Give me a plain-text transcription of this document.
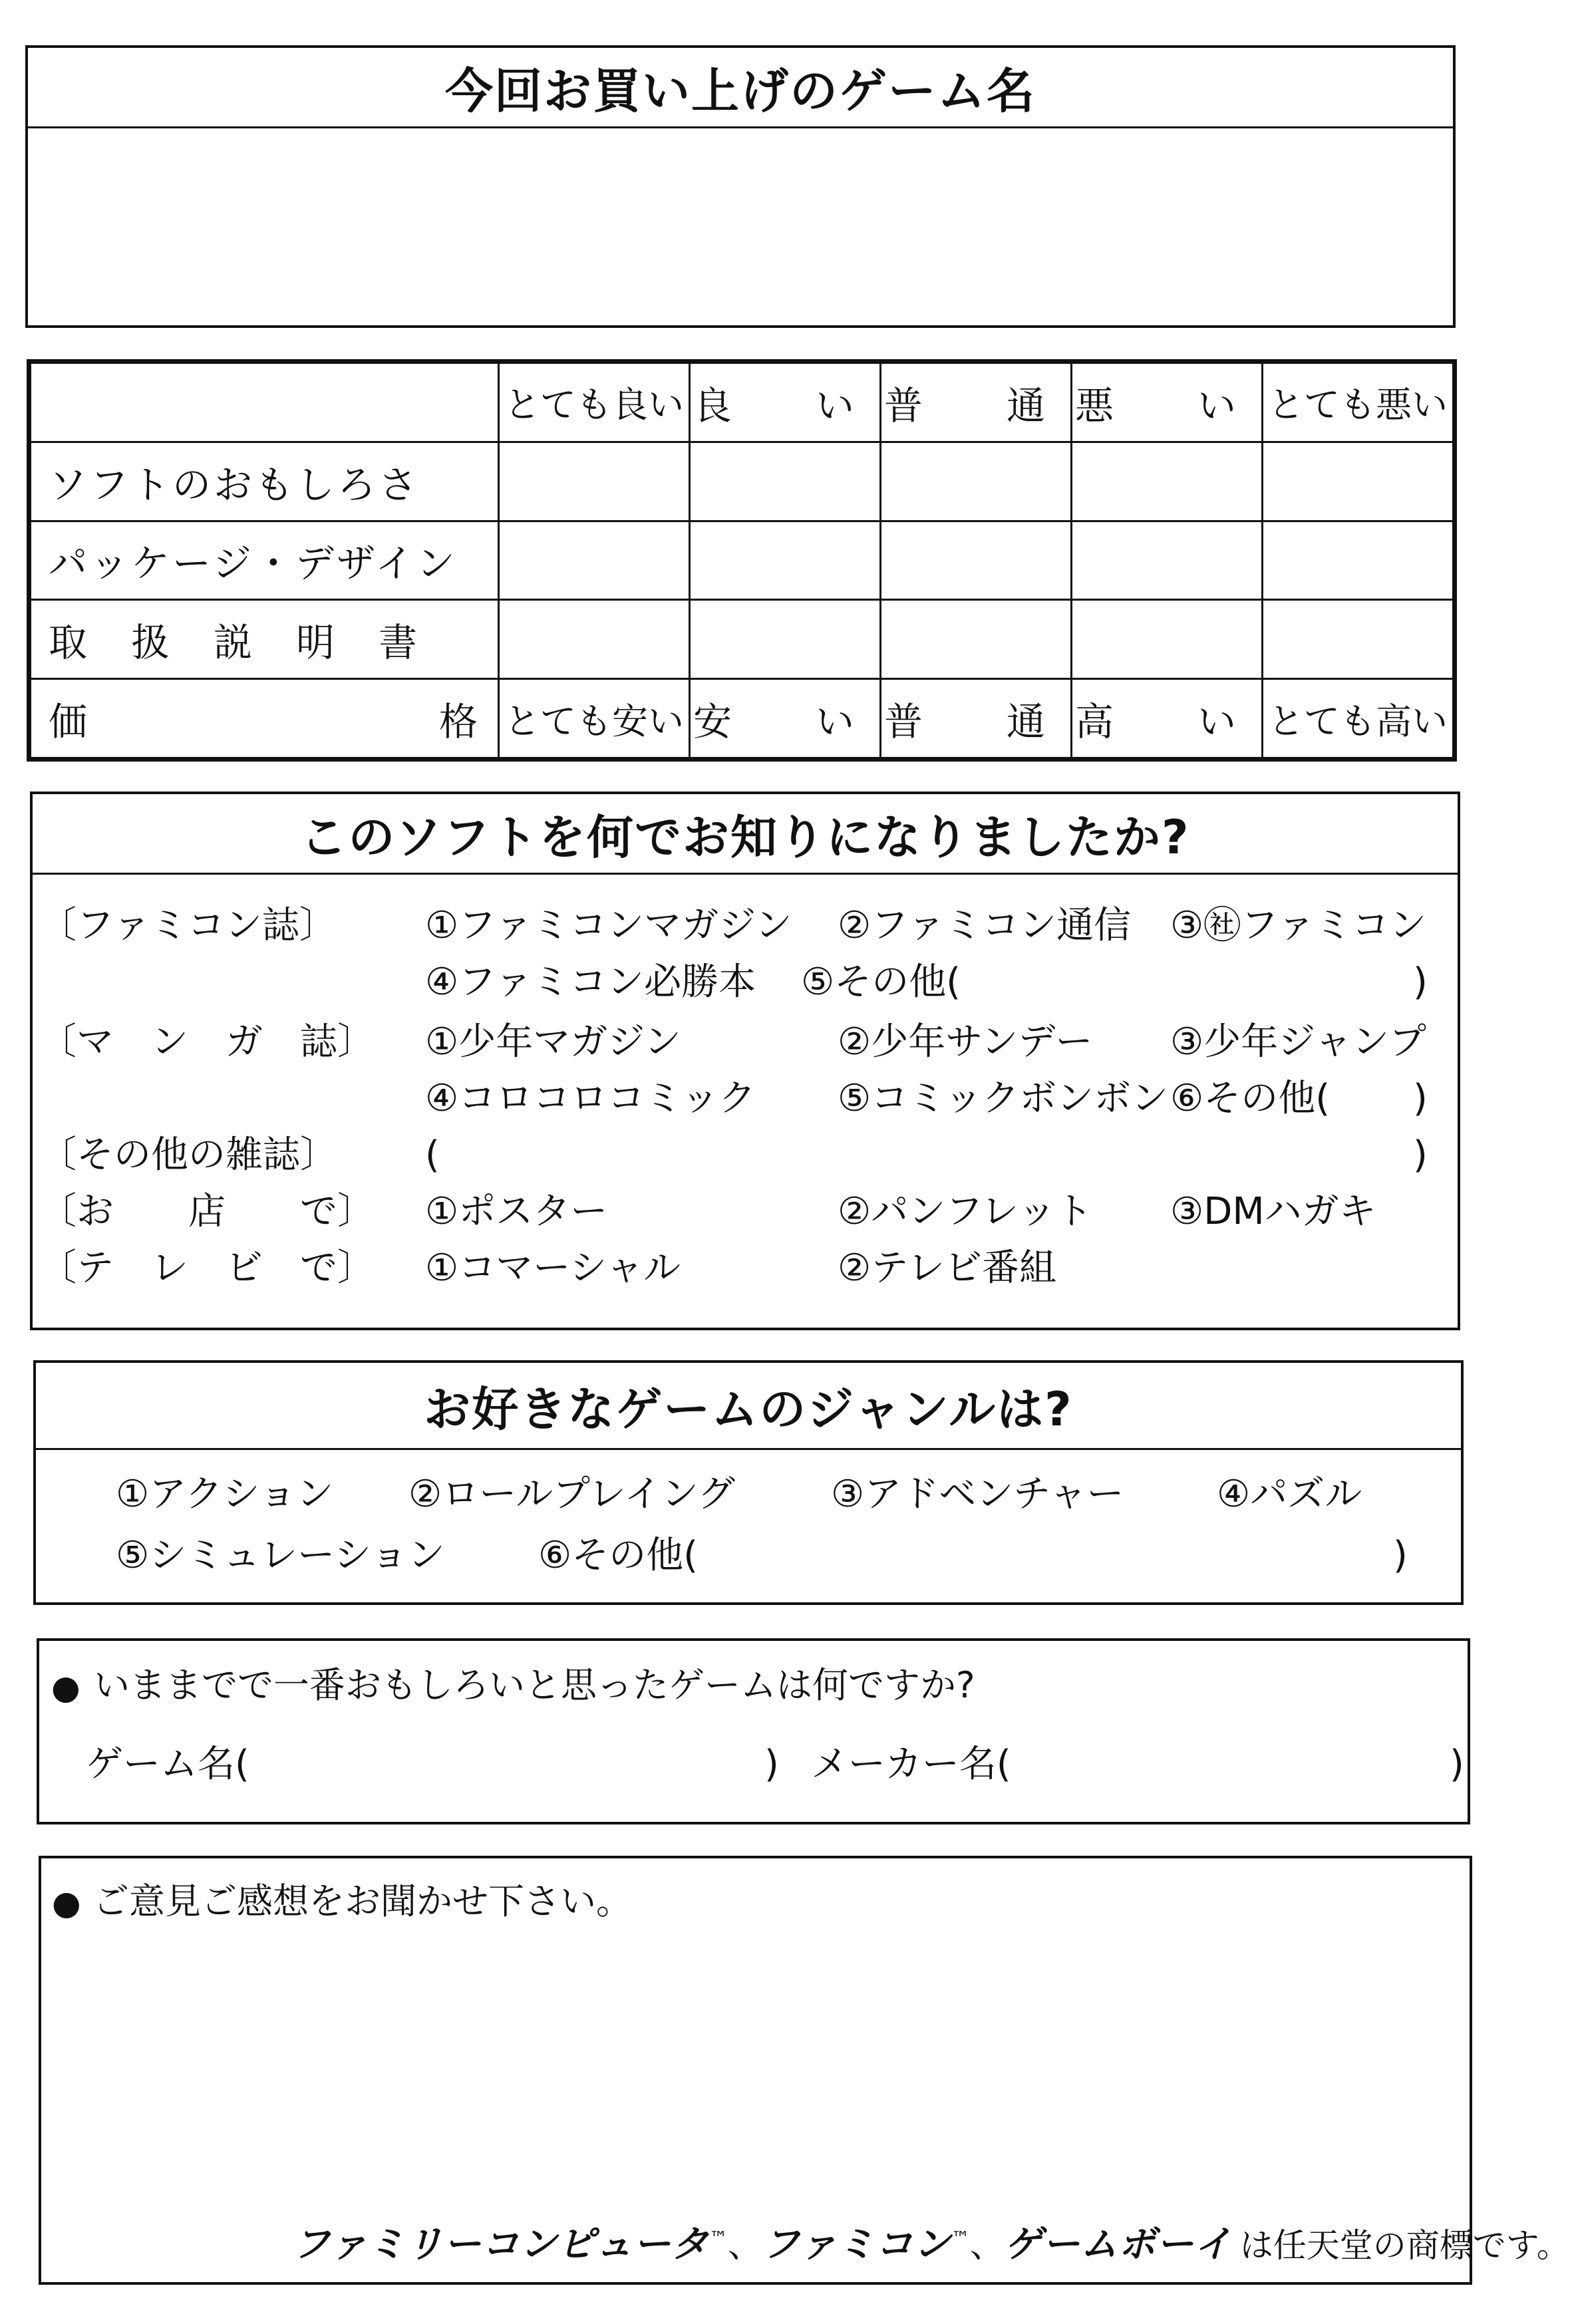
今回お買い上げのゲーム名
	とても良い	良　い	普　通	悪　い	とても悪い
ソフトのおもしろさ					
パッケージ・デザイン					
取　扱　説　明　書					

価 格	とても安い	安　い	普　通	高　い	とても高い
このソフトを何でお知りになりましたか?
〔ファミコン誌〕 ①ファミコンマガジン ②ファミコン通信 ③㊓ファミコン
④ファミコン必勝本 ⑤その他(	)
〔マ　ン　ガ　誌〕 ①少年マガジン	②少年サンデー ③少年ジャンプ
④コロコロコミック ⑤コミックボンボン ⑥その他( )
〔その他の雑誌〕 (	)
〔お　　店　　で〕 ①ポスター	②パンフレット ③DMハガキ
〔テ　レ　ビ　で〕 ①コマーシャル	②テレビ番組
お好きなゲームのジャンルは?
①アクション ②ロールプレイング	③アドベンチャー ④パズル
⑤シミュレーション	⑥その他(	)
● いままでで一番おもしろいと思ったゲームは何ですか?
ゲーム名(	) メーカー名(	)
● ご意見ご感想をお聞かせ下さい。
ファミリーコンピュータ™、ファミコン™、ゲームボーイ は任天堂の商標です。
